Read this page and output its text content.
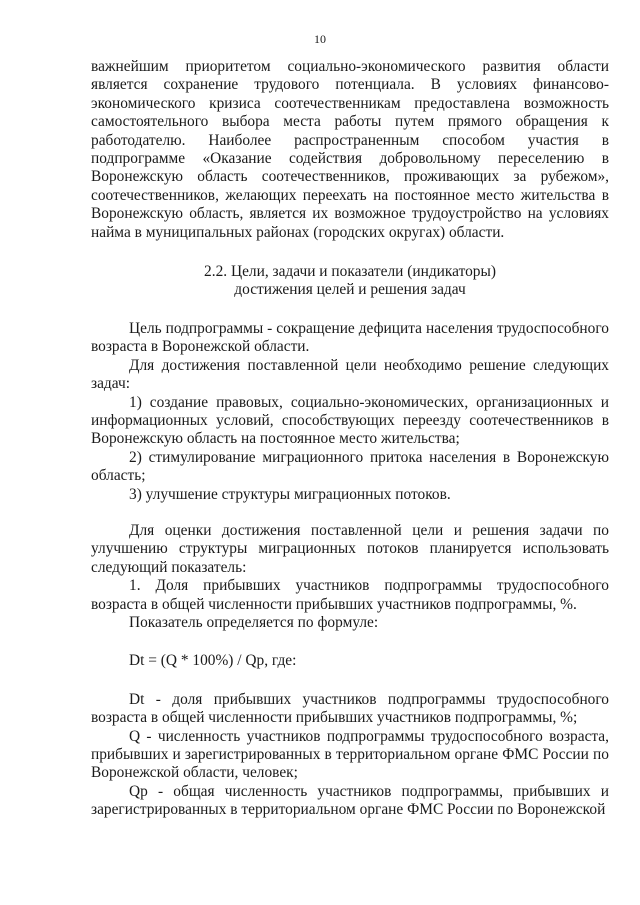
10

важнейшим приоритетом социально-экономического развития области является сохранение трудового потенциала. В условиях финансово-экономического кризиса соотечественникам предоставлена возможность самостоятельного выбора места работы путем прямого обращения к работодателю. Наиболее распространенным способом участия в подпрограмме «Оказание содействия добровольному переселению в Воронежскую область соотечественников, проживающих за рубежом», соотечественников, желающих переехать на постоянное место жительства в Воронежскую область, является их возможное трудоустройство на условиях найма в муниципальных районах (городских округах) области.

2.2. Цели, задачи и показатели (индикаторы)
достижения целей и решения задач

Цель подпрограммы - сокращение дефицита населения трудоспособного возраста в Воронежской области.

Для достижения поставленной цели необходимо решение следующих задач:

1) создание правовых, социально-экономических, организационных и информационных условий, способствующих переезду соотечественников в Воронежскую область на постоянное место жительства;

2) стимулирование миграционного притока населения в Воронежскую область;

3) улучшение структуры миграционных потоков.

Для оценки достижения поставленной цели и решения задачи по улучшению структуры миграционных потоков планируется использовать следующий показатель:

1. Доля прибывших участников подпрограммы трудоспособного возраста в общей численности прибывших участников подпрограммы, %.

Показатель определяется по формуле:

Dt = (Q * 100%) / Qp, где:

Dt - доля прибывших участников подпрограммы трудоспособного возраста в общей численности прибывших участников подпрограммы, %;

Q - численность участников подпрограммы трудоспособного возраста, прибывших и зарегистрированных в территориальном органе ФМС России по Воронежской области, человек;

Qp - общая численность участников подпрограммы, прибывших и зарегистрированных в территориальном органе ФМС России по Воронежской
